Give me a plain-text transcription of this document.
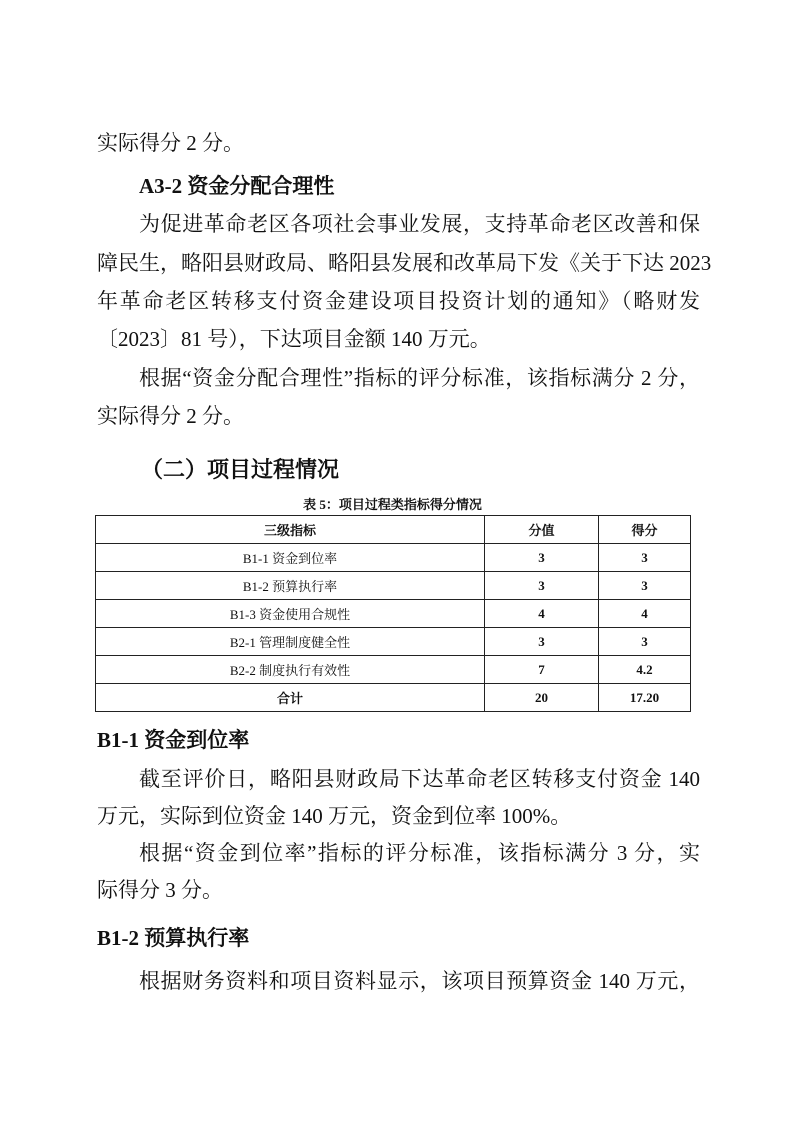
实际得分 2 分。
A3-2 资金分配合理性
为促进革命老区各项社会事业发展，支持革命老区改善和保
障民生，略阳县财政局、略阳县发展和改革局下发《关于下达 2023
年革命老区转移支付资金建设项目投资计划的通知》（略财发
〔2023〕81 号），下达项目金额 140 万元。
根据“资金分配合理性”指标的评分标准，该指标满分 2 分，
实际得分 2 分。
（二）项目过程情况
表 5：项目过程类指标得分情况
三级指标	分值	得分
B1-1 资金到位率	3	3
B1-2 预算执行率	3	3
B1-3 资金使用合规性	4	4
B2-1 管理制度健全性	3	3
B2-2 制度执行有效性	7	4.2
合计	20	17.20
B1-1 资金到位率
截至评价日，略阳县财政局下达革命老区转移支付资金 140
万元，实际到位资金 140 万元，资金到位率 100%。
根据“资金到位率”指标的评分标准，该指标满分 3 分，实
际得分 3 分。
B1-2 预算执行率
根据财务资料和项目资料显示，该项目预算资金 140 万元，
